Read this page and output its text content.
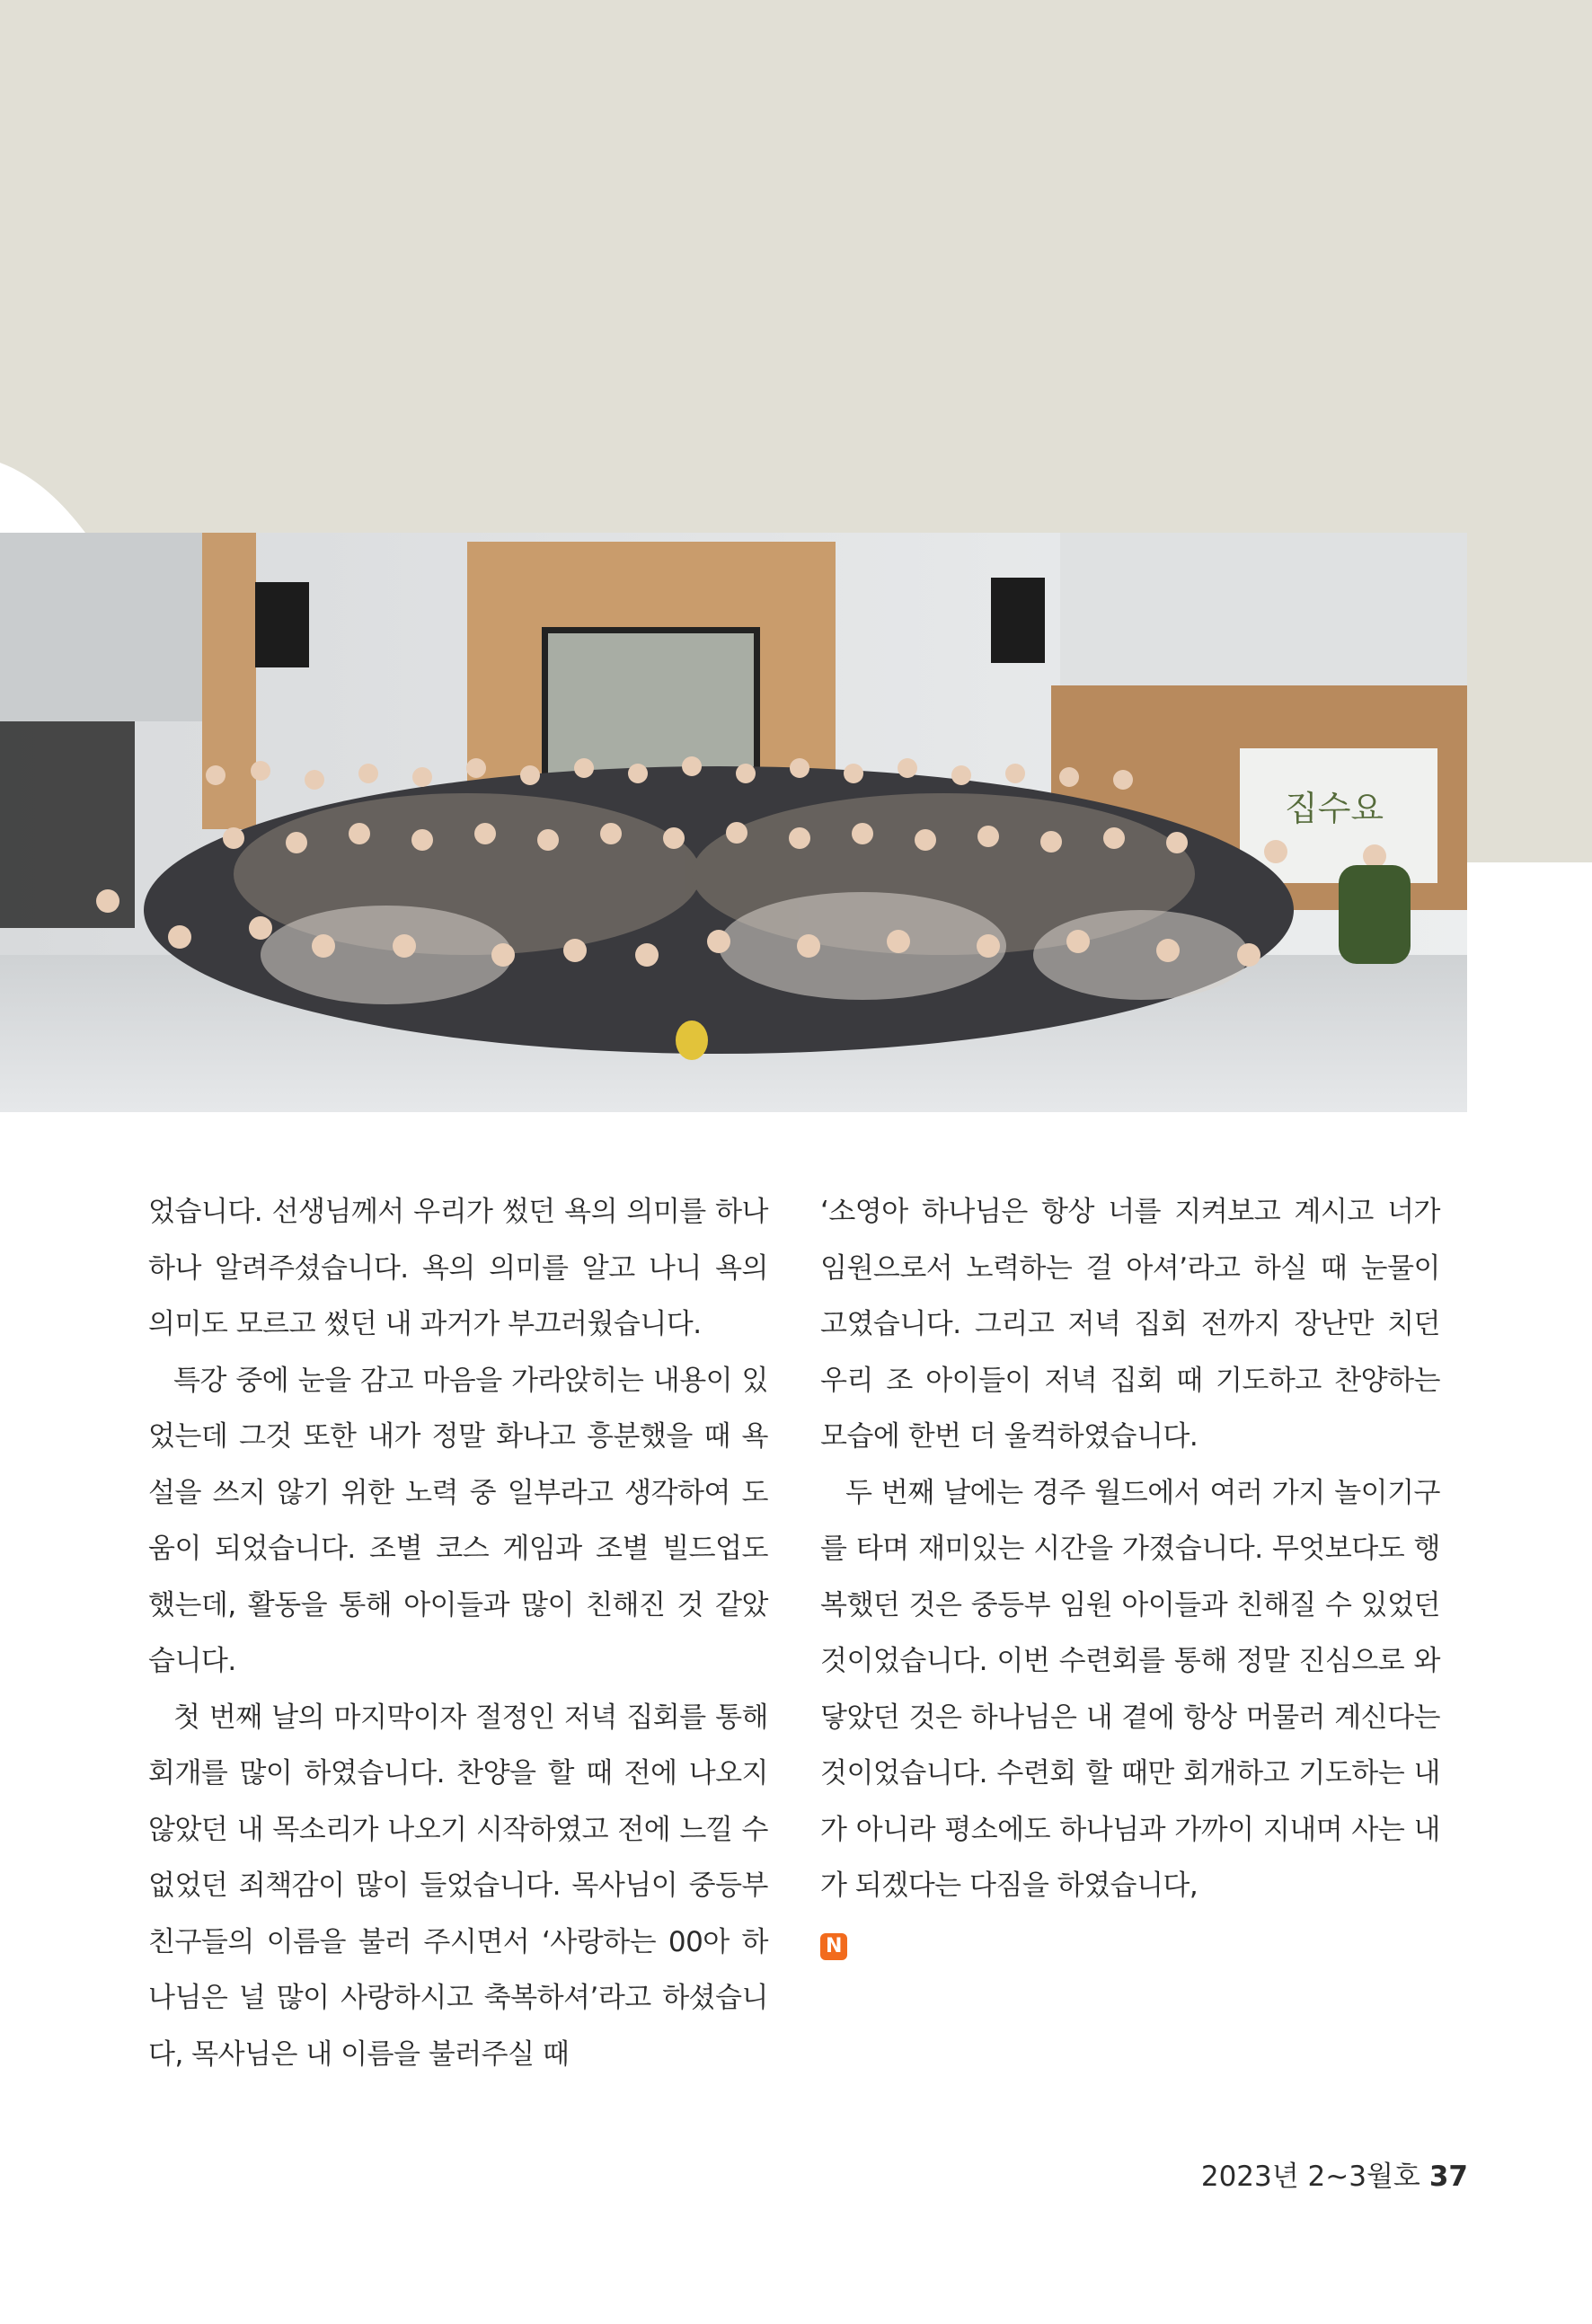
집수요

었습니다. 선생님께서 우리가 썼던 욕의 의미를 하나하나 알려주셨습니다. 욕의 의미를 알고 나니 욕의 의미도 모르고 썼던 내 과거가 부끄러웠습니다.

특강 중에 눈을 감고 마음을 가라앉히는 내용이 있었는데 그것 또한 내가 정말 화나고 흥분했을 때 욕설을 쓰지 않기 위한 노력 중 일부라고 생각하여 도움이 되었습니다. 조별 코스 게임과 조별 빌드업도 했는데, 활동을 통해 아이들과 많이 친해진 것 같았습니다.

첫 번째 날의 마지막이자 절정인 저녁 집회를 통해 회개를 많이 하였습니다. 찬양을 할 때 전에 나오지 않았던 내 목소리가 나오기 시작하였고 전에 느낄 수 없었던 죄책감이 많이 들었습니다. 목사님이 중등부 친구들의 이름을 불러 주시면서 ‘사랑하는 00아 하나님은 널 많이 사랑하시고 축복하셔’라고 하셨습니다, 목사님은 내 이름을 불러주실 때

‘소영아 하나님은 항상 너를 지켜보고 계시고 너가 임원으로서 노력하는 걸 아셔’라고 하실 때 눈물이 고였습니다. 그리고 저녁 집회 전까지 장난만 치던 우리 조 아이들이 저녁 집회 때 기도하고 찬양하는 모습에 한번 더 울컥하였습니다.

두 번째 날에는 경주 월드에서 여러 가지 놀이기구를 타며 재미있는 시간을 가졌습니다. 무엇보다도 행복했던 것은 중등부 임원 아이들과 친해질 수 있었던 것이었습니다. 이번 수련회를 통해 정말 진심으로 와닿았던 것은 하나님은 내 곁에 항상 머물러 계신다는 것이었습니다. 수련회 할 때만 회개하고 기도하는 내가 아니라 평소에도 하나님과 가까이 지내며 사는 내가 되겠다는 다짐을 하였습니다,

N
2023년 2~3월호 37
